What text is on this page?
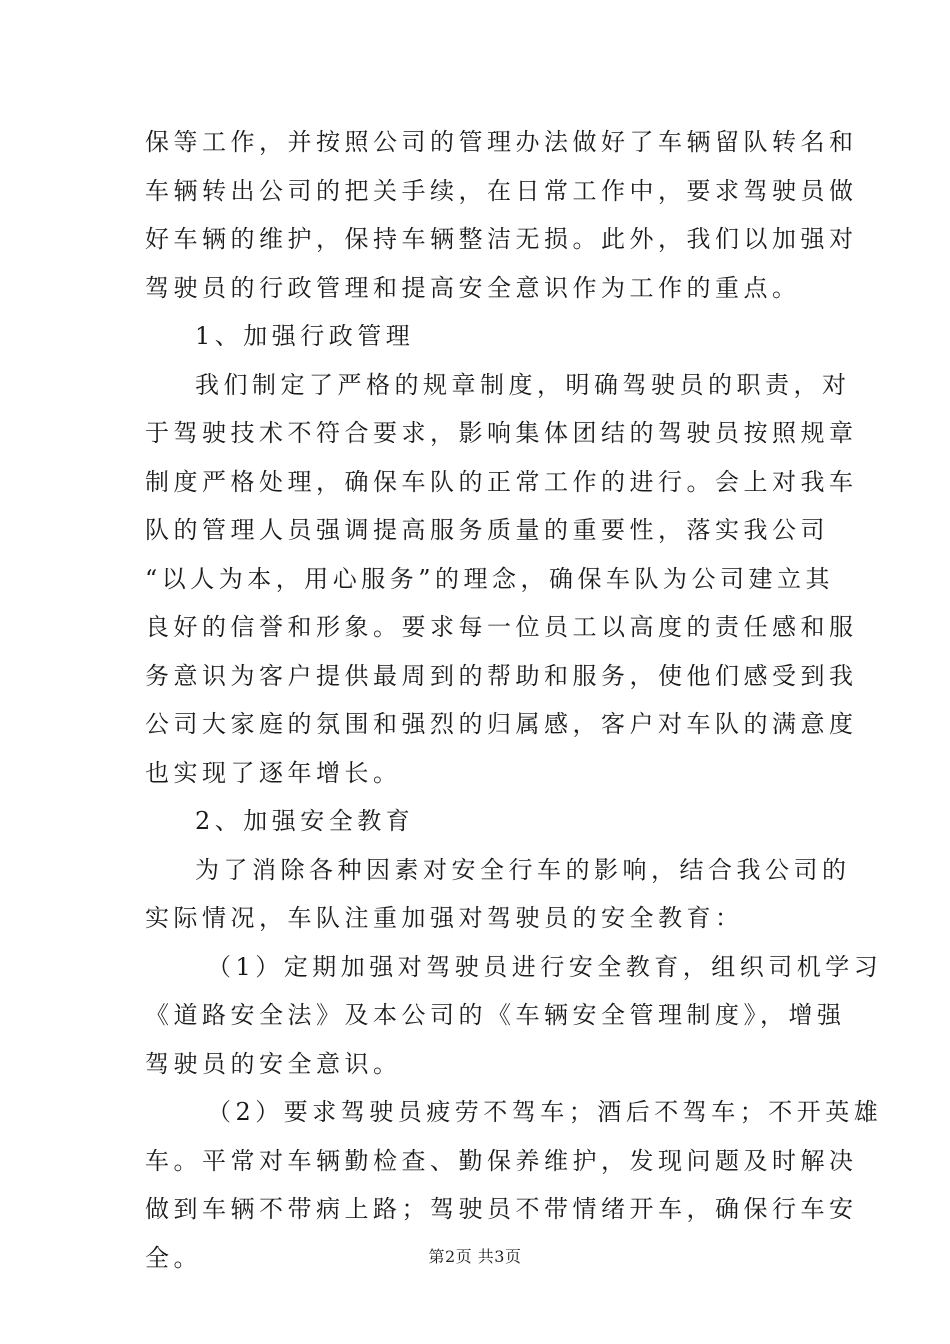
保等工作，并按照公司的管理办法做好了车辆留队转名和
车辆转出公司的把关手续，在日常工作中，要求驾驶员做
好车辆的维护，保持车辆整洁无损。此外，我们以加强对
驾驶员的行政管理和提高安全意识作为工作的重点。
1、加强行政管理
我们制定了严格的规章制度，明确驾驶员的职责，对
于驾驶技术不符合要求，影响集体团结的驾驶员按照规章
制度严格处理，确保车队的正常工作的进行。会上对我车
队的管理人员强调提高服务质量的重要性，落实我公司
“以人为本，用心服务”的理念，确保车队为公司建立其
良好的信誉和形象。要求每一位员工以高度的责任感和服
务意识为客户提供最周到的帮助和服务，使他们感受到我
公司大家庭的氛围和强烈的归属感，客户对车队的满意度
也实现了逐年增长。
2、加强安全教育
为了消除各种因素对安全行车的影响，结合我公司的
实际情况，车队注重加强对驾驶员的安全教育：
（1）定期加强对驾驶员进行安全教育，组织司机学习
《道路安全法》及本公司的《车辆安全管理制度》，增强
驾驶员的安全意识。
（2）要求驾驶员疲劳不驾车；酒后不驾车；不开英雄
车。平常对车辆勤检查、勤保养维护，发现问题及时解决
做到车辆不带病上路；驾驶员不带情绪开车，确保行车安
全。	第2页 共3页
